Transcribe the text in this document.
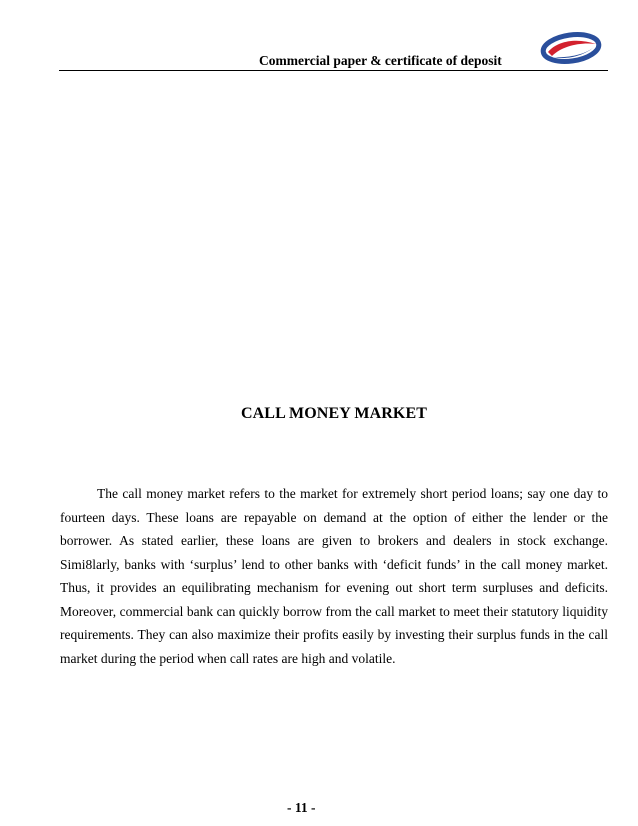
Commercial paper & certificate of deposit
CALL MONEY MARKET

The call money market refers to the market for extremely short period loans; say one day to fourteen days. These loans are repayable on demand at the option of either the lender or the borrower. As stated earlier, these loans are given to brokers and dealers in stock exchange. Simi8larly, banks with ‘surplus’ lend to other banks with ‘deficit funds’ in the call money market. Thus, it provides an equilibrating mechanism for evening out short term surpluses and deficits. Moreover, commercial bank can quickly borrow from the call market to meet their statutory liquidity requirements. They can also maximize their profits easily by investing their surplus funds in the call market during the period when call rates are high and volatile.

- 11 -
